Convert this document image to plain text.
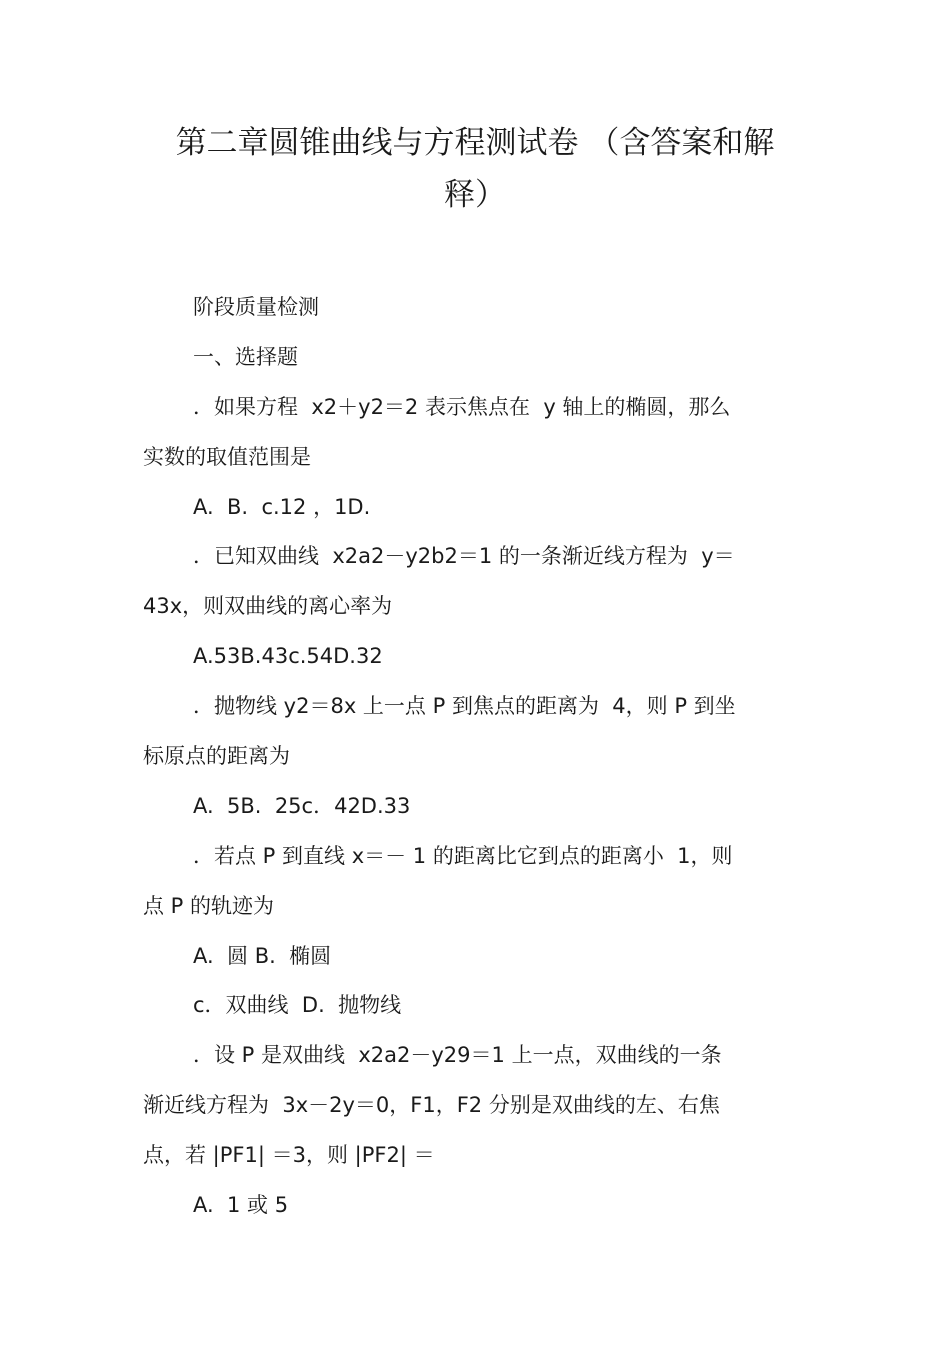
第二章圆锥曲线与方程测试卷 （含答案和解
释）

阶段质量检测

一、选择题

．如果方程  x2＋y2＝2 表示焦点在  y 轴上的椭圆，那么

实数的取值范围是

A.  B.  c.12 ，1D.

．已知双曲线  x2a2－y2b2＝1 的一条渐近线方程为  y＝

43x，则双曲线的离心率为

A.53B.43c.54D.32

．抛物线 y2＝8x 上一点 P 到焦点的距离为  4，则 P 到坐

标原点的距离为

A.  5B.  25c．42D.33

．若点 P 到直线 x＝－ 1 的距离比它到点的距离小  1，则

点 P 的轨迹为

A.  圆 B.  椭圆

c．双曲线  D.  抛物线

．设 P 是双曲线  x2a2－y29＝1 上一点，双曲线的一条

渐近线方程为  3x－2y＝0，F1，F2 分别是双曲线的左、右焦

点，若 |PF1| ＝3，则 |PF2| ＝

A.  1 或 5
